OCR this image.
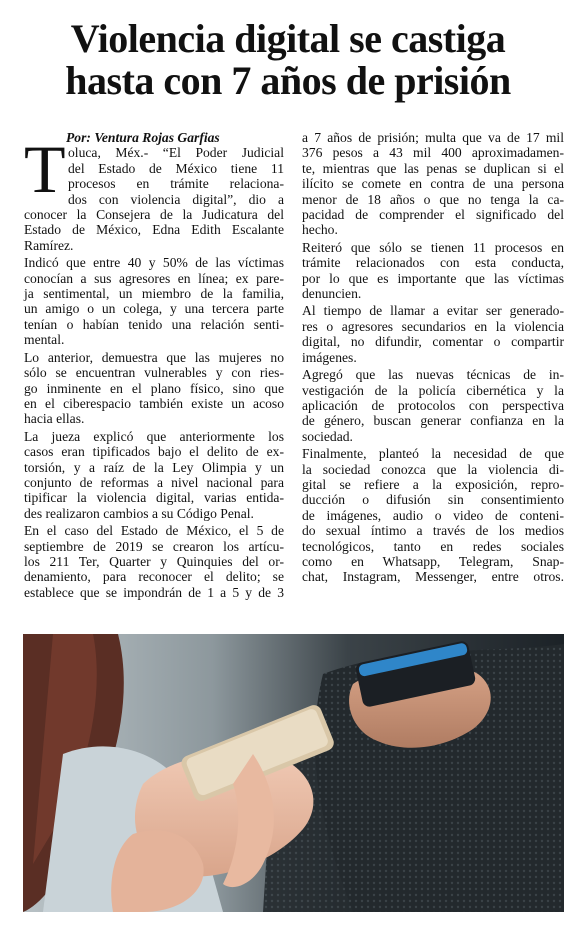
Violencia digital se castiga
hasta con 7 años de prisión

Por: Ventura Rojas Garfias

T oluca, Méx.- “El Poder Judicial
del Estado de México tiene 11
procesos en trámite relaciona-
dos con violencia digital”, dio a
conocer la Consejera de la Judicatura del
Estado de México, Edna Edith Escalante
Ramírez.

Indicó que entre 40 y 50% de las víctimas
conocían a sus agresores en línea; ex pare-
ja sentimental, un miembro de la familia,
un amigo o un colega, y una tercera parte
tenían o habían tenido una relación senti-
mental.

Lo anterior, demuestra que las mujeres no
sólo se encuentran vulnerables y con ries-
go inminente en el plano físico, sino que
en el ciberespacio también existe un acoso
hacia ellas.

La jueza explicó que anteriormente los
casos eran tipificados bajo el delito de ex-
torsión, y a raíz de la Ley Olimpia y un
conjunto de reformas a nivel nacional para
tipificar la violencia digital, varias entida-
des realizaron cambios a su Código Penal.

En el caso del Estado de México, el 5 de
septiembre de 2019 se crearon los artícu-
los 211 Ter, Quarter y Quinquies del or-
denamiento, para reconocer el delito; se
establece que se impondrán de 1 a 5 y de 3

a 7 años de prisión; multa que va de 17 mil
376 pesos a 43 mil 400 aproximadamen-
te, mientras que las penas se duplican si el
ilícito se comete en contra de una persona
menor de 18 años o que no tenga la ca-
pacidad de comprender el significado del
hecho.

Reiteró que sólo se tienen 11 procesos en
trámite relacionados con esta conducta,
por lo que es importante que las víctimas
denuncien.

Al tiempo de llamar a evitar ser generado-
res o agresores secundarios en la violencia
digital, no difundir, comentar o compartir
imágenes.

Agregó que las nuevas técnicas de in-
vestigación de la policía cibernética y la
aplicación de protocolos con perspectiva
de género, buscan generar confianza en la
sociedad.

Finalmente, planteó la necesidad de que
la sociedad conozca que la violencia di-
gital se refiere a la exposición, repro-
ducción o difusión sin consentimiento
de imágenes, audio o video de conteni-
do sexual íntimo a través de los medios
tecnológicos, tanto en redes sociales
como en Whatsapp, Telegram, Snap-
chat, Instagram, Messenger, entre otros.
